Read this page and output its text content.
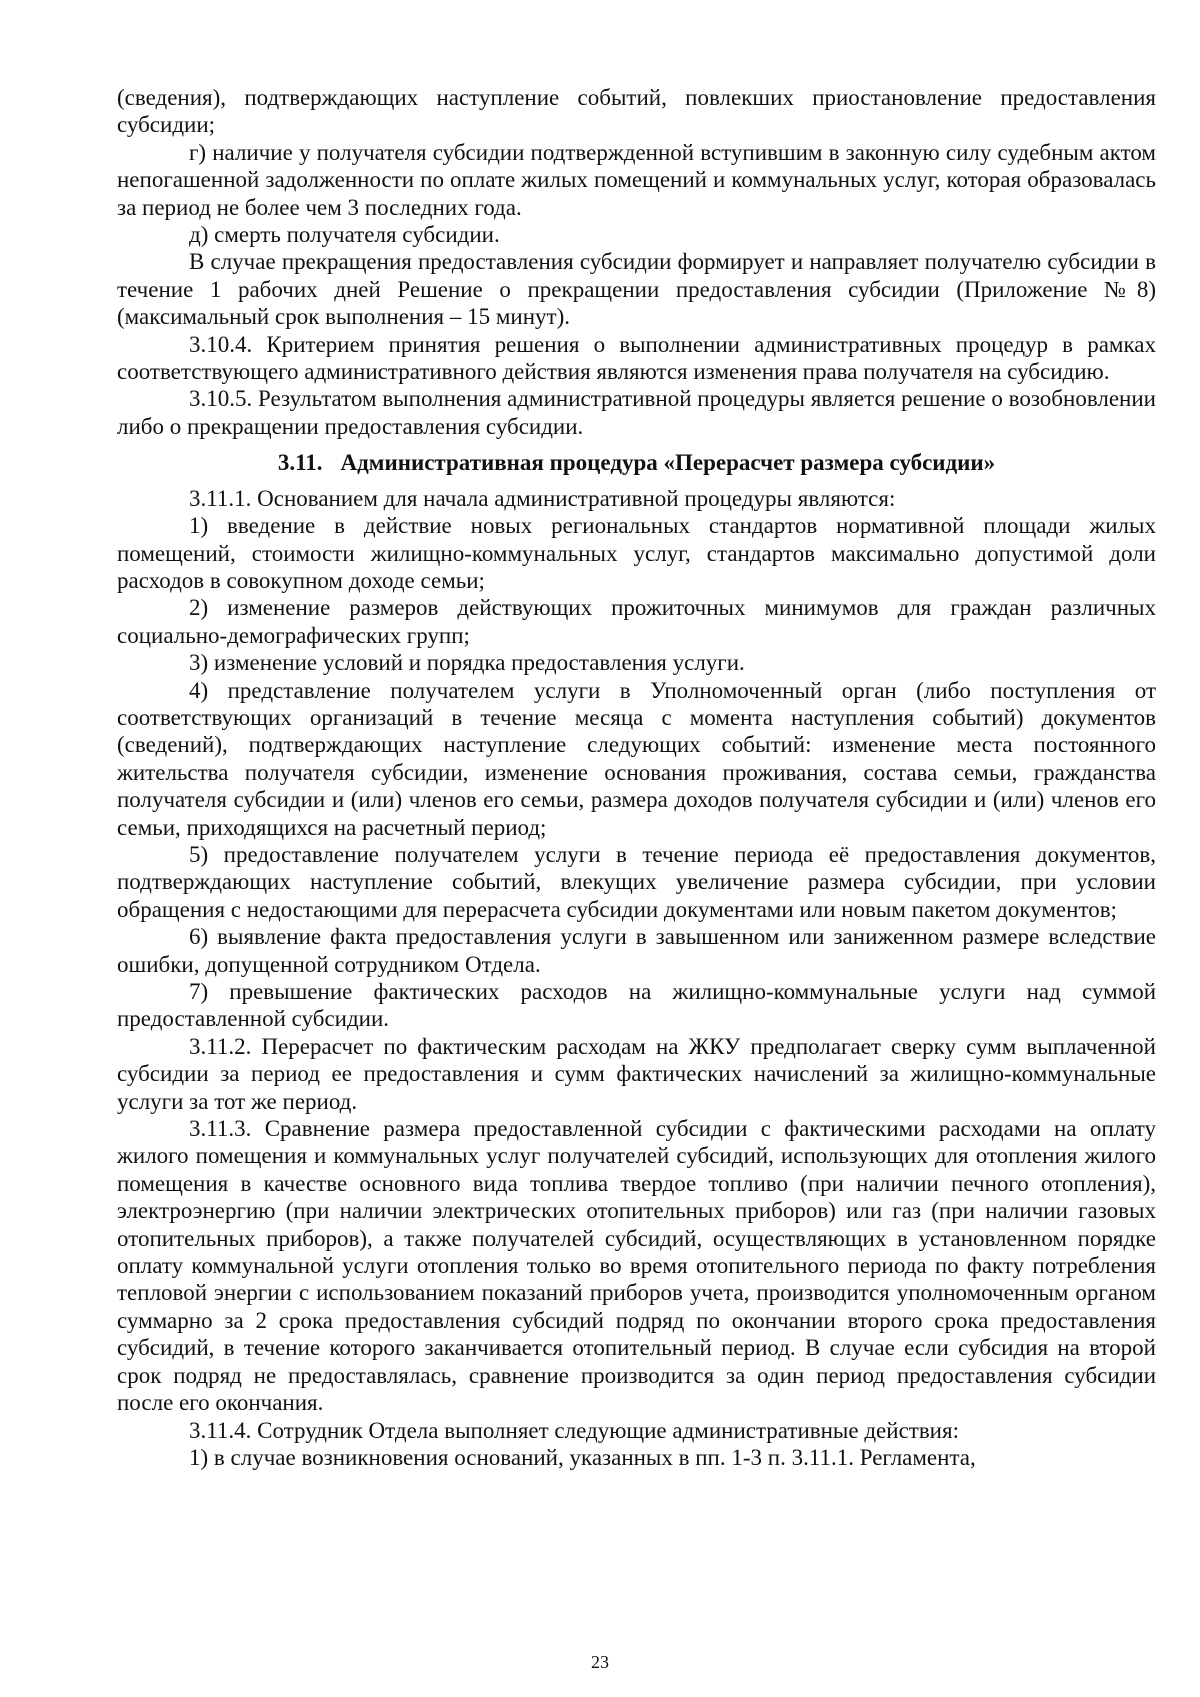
(сведения), подтверждающих наступление событий, повлекших приостановление предоставления субсидии;

г) наличие у получателя субсидии подтвержденной вступившим в законную силу судебным актом непогашенной задолженности по оплате жилых помещений и коммунальных услуг, которая образовалась за период не более чем 3 последних года.

д) смерть получателя субсидии.

В случае прекращения предоставления субсидии формирует и направляет получателю субсидии в течение 1 рабочих дней Решение о прекращении предоставления субсидии (Приложение №8) (максимальный срок выполнения – 15 минут).

3.10.4. Критерием принятия решения о выполнении административных процедур в рамках соответствующего административного действия являются изменения права получателя на субсидию.

3.10.5. Результатом выполнения административной процедуры является решение о возобновлении либо о прекращении предоставления субсидии.

3.11. Административная процедура «Перерасчет размера субсидии»

3.11.1. Основанием для начала административной процедуры являются:

1) введение в действие новых региональных стандартов нормативной площади жилых помещений, стоимости жилищно-коммунальных услуг, стандартов максимально допустимой доли расходов в совокупном доходе семьи;

2) изменение размеров действующих прожиточных минимумов для граждан различных социально-демографических групп;

3) изменение условий и порядка предоставления услуги.

4) представление получателем услуги в Уполномоченный орган (либо поступления от соответствующих организаций в течение месяца с момента наступления событий) документов (сведений), подтверждающих наступление следующих событий: изменение места постоянного жительства получателя субсидии, изменение основания проживания, состава семьи, гражданства получателя субсидии и (или) членов его семьи, размера доходов получателя субсидии и (или) членов его семьи, приходящихся на расчетный период;

5) предоставление получателем услуги в течение периода её предоставления документов, подтверждающих наступление событий, влекущих увеличение размера субсидии, при условии обращения с недостающими для перерасчета субсидии документами или новым пакетом документов;

6) выявление факта предоставления услуги в завышенном или заниженном размере вследствие ошибки, допущенной сотрудником Отдела.

7) превышение фактических расходов на жилищно-коммунальные услуги над суммой предоставленной субсидии.

3.11.2. Перерасчет по фактическим расходам на ЖКУ предполагает сверку сумм выплаченной субсидии за период ее предоставления и сумм фактических начислений за жилищно-коммунальные услуги за тот же период.

3.11.3. Сравнение размера предоставленной субсидии с фактическими расходами на оплату жилого помещения и коммунальных услуг получателей субсидий, использующих для отопления жилого помещения в качестве основного вида топлива твердое топливо (при наличии печного отопления), электроэнергию (при наличии электрических отопительных приборов) или газ (при наличии газовых отопительных приборов), а также получателей субсидий, осуществляющих в установленном порядке оплату коммунальной услуги отопления только во время отопительного периода по факту потребления тепловой энергии с использованием показаний приборов учета, производится уполномоченным органом суммарно за 2 срока предоставления субсидий подряд по окончании второго срока предоставления субсидий, в течение которого заканчивается отопительный период. В случае если субсидия на второй срок подряд не предоставлялась, сравнение производится за один период предоставления субсидии после его окончания.

3.11.4. Сотрудник Отдела выполняет следующие административные действия:

1) в случае возникновения оснований, указанных в пп. 1-3 п. 3.11.1. Регламента,

23
